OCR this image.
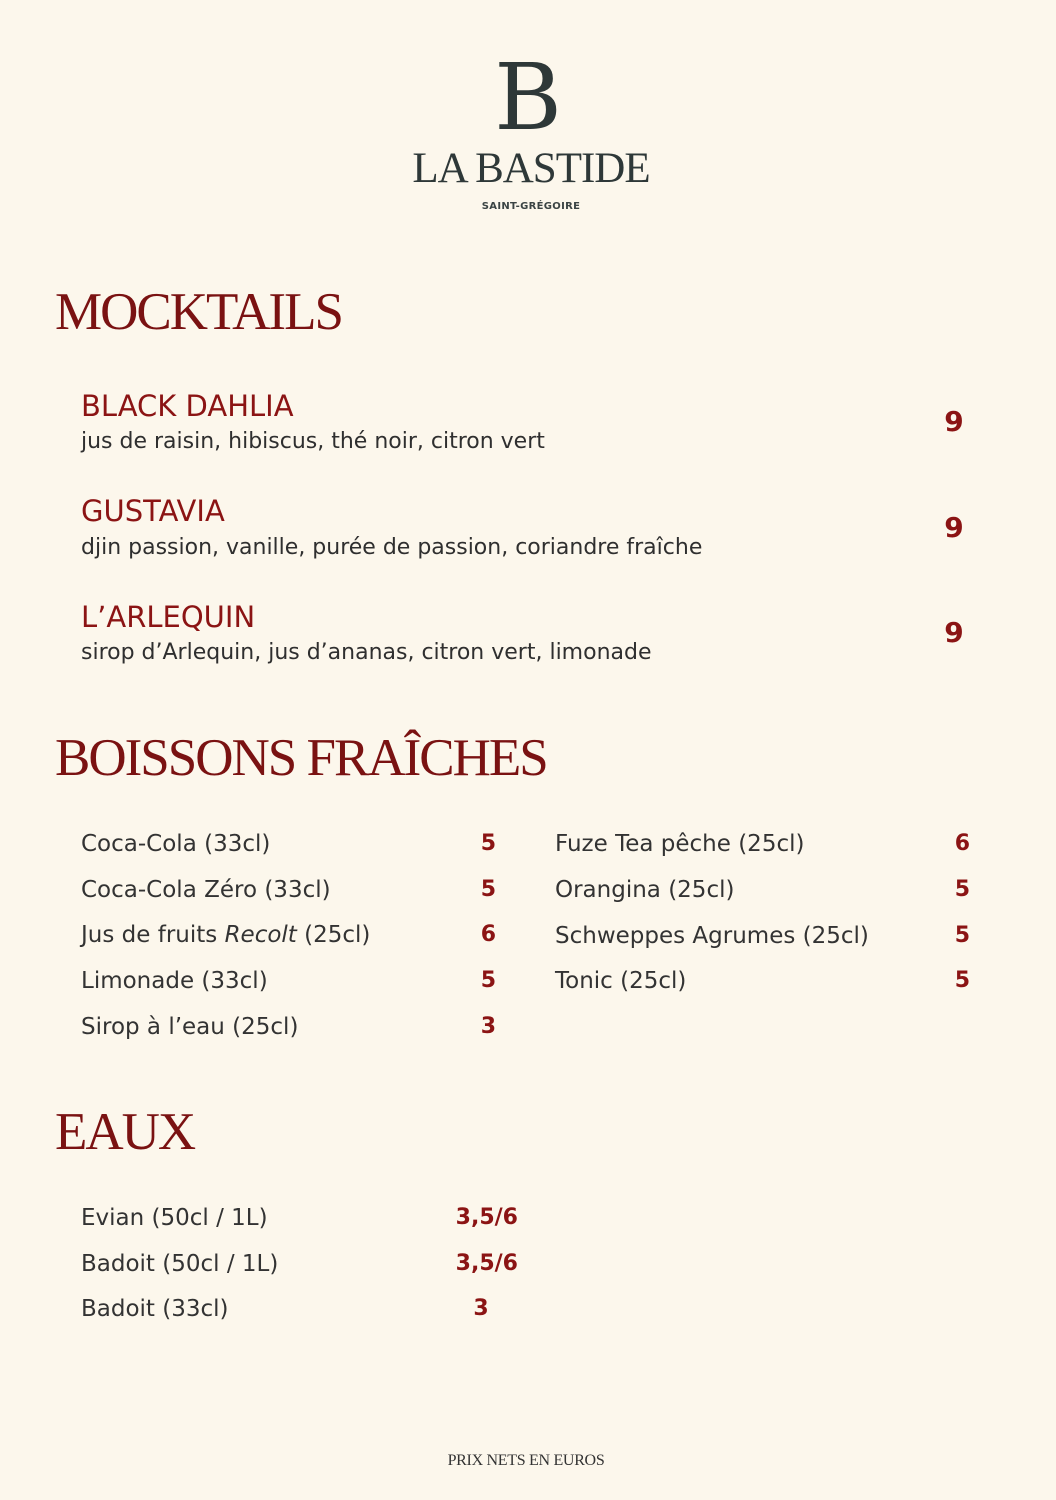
B
LA BASTIDE
SAINT-GRÉGOIRE
MOCKTAILS
BLACK DAHLIA
jus de raisin, hibiscus, thé noir, citron vert
9
GUSTAVIA
djin passion, vanille, purée de passion, coriandre fraîche
9
L’ARLEQUIN
sirop d’Arlequin, jus d’ananas, citron vert, limonade
9
BOISSONS FRAÎCHES
Coca-Cola (33cl)	5
Coca-Cola Zéro (33cl)	5
Jus de fruits Recolt (25cl)	6
Limonade (33cl)	5
Sirop à l’eau (25cl)	3
Fuze Tea pêche (25cl)	6
Orangina (25cl)	5
Schweppes Agrumes (25cl)	5
Tonic (25cl)	5
EAUX
Evian (50cl / 1L)	3,5/6
Badoit (50cl / 1L)	3,5/6
Badoit (33cl)	3
PRIX NETS EN EUROS
